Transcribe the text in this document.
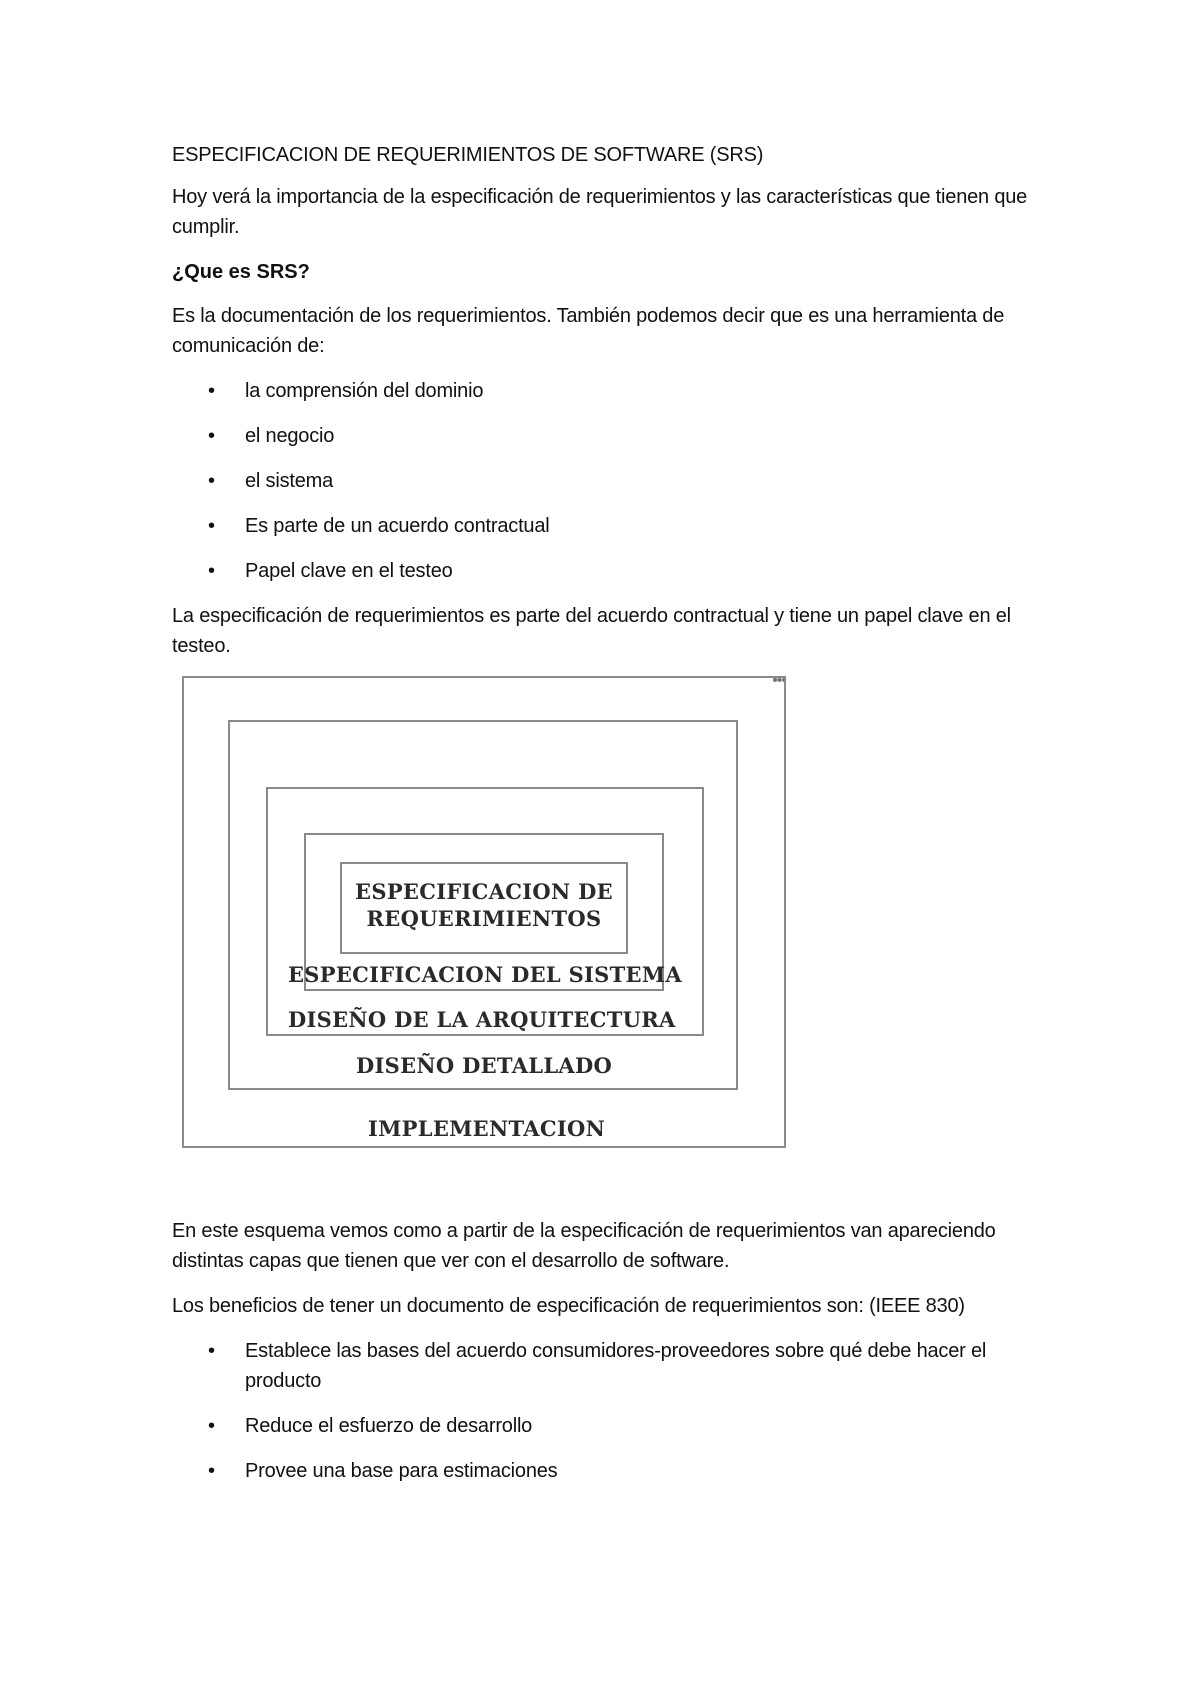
ESPECIFICACION DE REQUERIMIENTOS DE SOFTWARE (SRS)

Hoy verá la importancia de la especificación de requerimientos y las características que tienen que cumplir.

¿Que es SRS?

Es la documentación de los requerimientos. También podemos decir que es una herramienta de comunicación de:

• la comprensión del dominio
• el negocio
• el sistema
• Es parte de un acuerdo contractual
• Papel clave en el testeo

La especificación de requerimientos es parte del acuerdo contractual y tiene un papel clave en el testeo.

•••
ESPECIFICACION DE
REQUERIMIENTOS
ESPECIFICACION DEL SISTEMA
DISEÑO DE LA ARQUITECTURA
DISEÑO DETALLADO
IMPLEMENTACION

En este esquema vemos como a partir de la especificación de requerimientos van apareciendo distintas capas que tienen que ver con el desarrollo de software.

Los beneficios de tener un documento de especificación de requerimientos son: (IEEE 830)

• Establece las bases del acuerdo consumidores-proveedores sobre qué debe hacer el producto
• Reduce el esfuerzo de desarrollo
• Provee una base para estimaciones
